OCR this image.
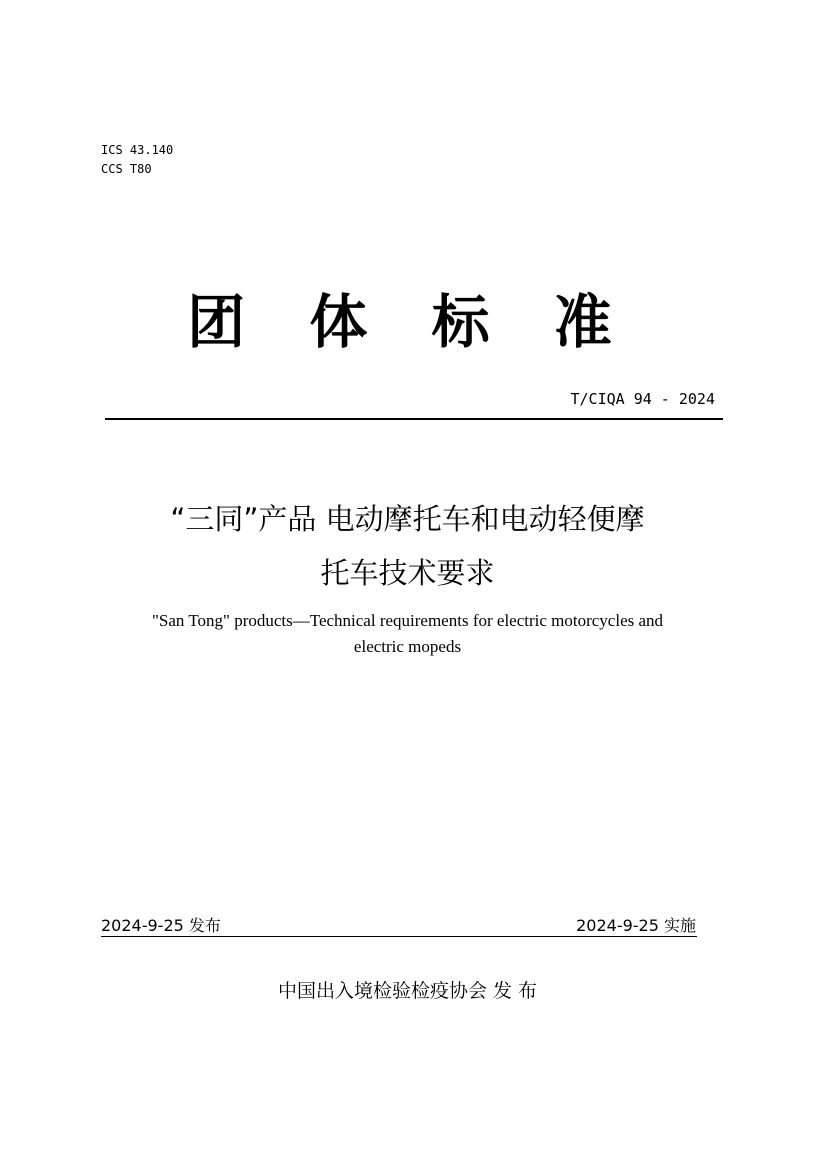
ICS 43.140
CCS T80
团 体 标 准
T/CIQA 94 - 2024
“三同”产品 电动摩托车和电动轻便摩
托车技术要求
"San Tong" products—Technical requirements for electric motorcycles and
electric mopeds
2024-9-25 发布	2024-9-25 实施
中国出入境检验检疫协会 发 布
